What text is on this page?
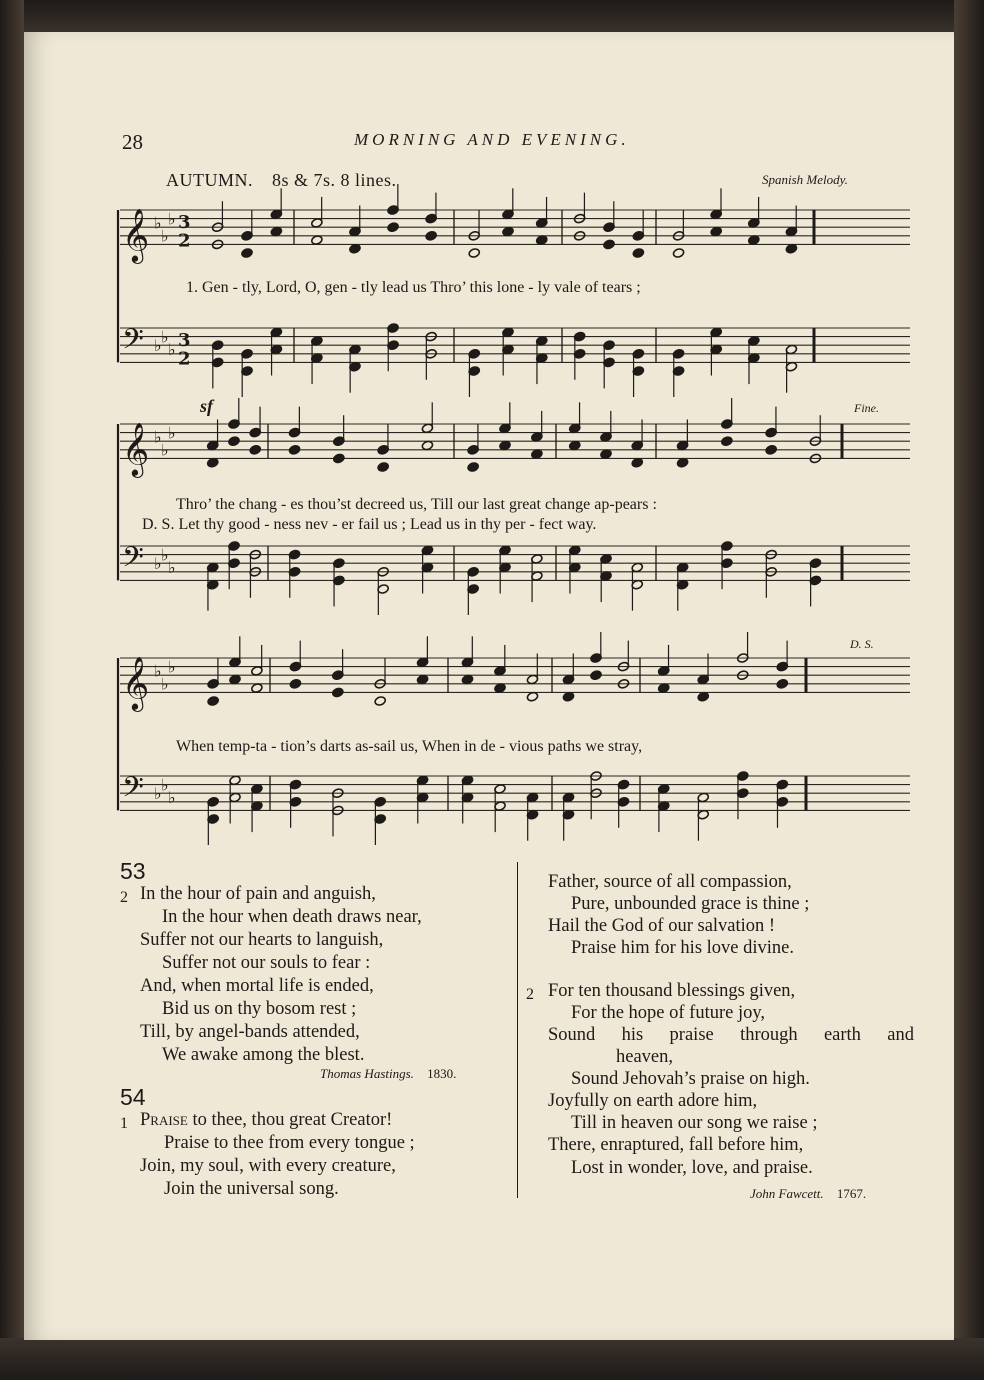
28	MORNING AND EVENING.
AUTUMN. 8s & 7s. 8 lines.	Spanish Melody.
𝄞 ♭
♭
♭ 3
2
𝄢 ♭ ♭
♭ 3
2
𝄞 ♭
♭
♭
𝄢 ♭ ♭
♭
𝄞 ♭
♭
♭
𝄢 ♭ ♭
♭
1. Gen - tly, Lord, O, gen - tly lead us Thro’ this lone - ly vale of tears ;
Thro’ the chang - es thou’st decreed us, Till our last great change ap-pears :
D. S. Let thy good - ness nev - er fail us ; Lead us in thy per - fect way.
When temp-ta - tion’s darts as-sail us, When in de - vious paths we stray,
sf	Fine.
D. S.
53
2 In the hour of pain and anguish,
In the hour when death draws near,
Suffer not our hearts to languish,
Suffer not our souls to fear :
And, when mortal life is ended,
Bid us on thy bosom rest ;
Till, by angel-bands attended,
We awake among the blest.
Thomas Hastings. 1830.
54
1 Praise to thee, thou great Creator!
Praise to thee from every tongue ;
Join, my soul, with every creature,
Join the universal song.
Father, source of all compassion,
Pure, unbounded grace is thine ;
Hail the God of our salvation !
Praise him for his love divine.
2 For ten thousand blessings given,
For the hope of future joy,
Sound his praise through earth and
heaven,
Sound Jehovah’s praise on high.
Joyfully on earth adore him,
Till in heaven our song we raise ;
There, enraptured, fall before him,
Lost in wonder, love, and praise.
John Fawcett. 1767.
